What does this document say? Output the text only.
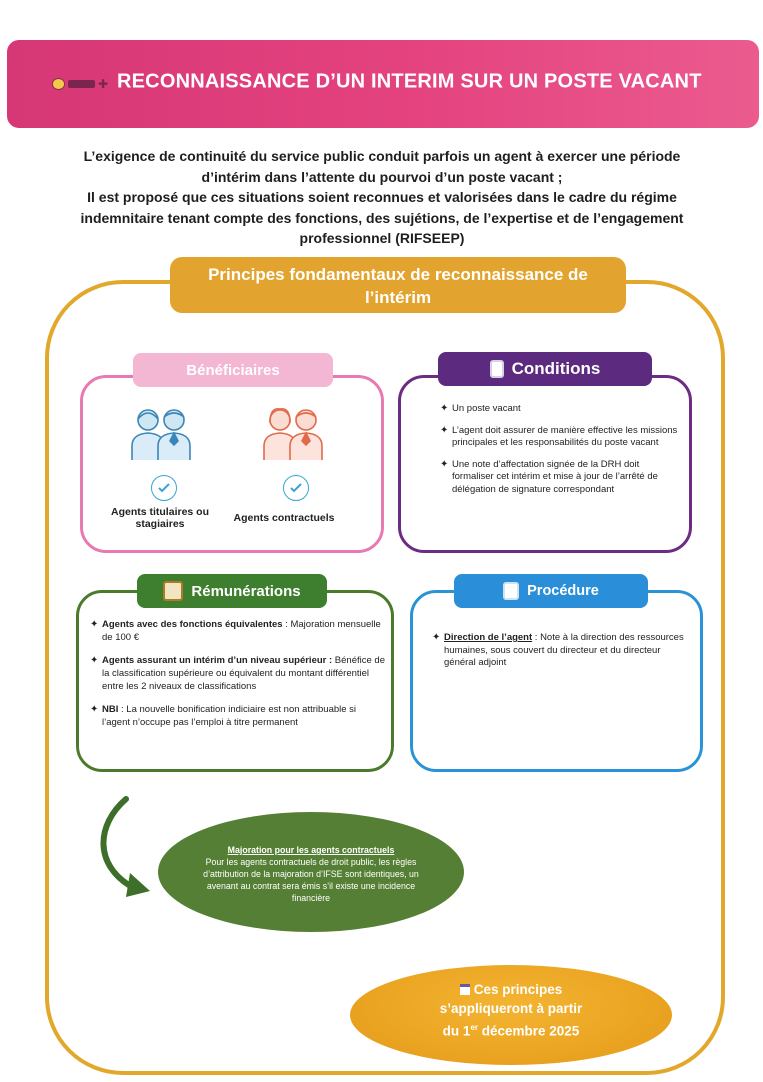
✚ RECONNAISSANCE D’UN INTERIM SUR UN POSTE VACANT
L’exigence de continuité du service public conduit parfois un agent à exercer une période
d’intérim dans l’attente du pourvoi d’un poste vacant ;
Il est proposé que ces situations soient reconnues et valorisées dans le cadre du régime
indemnitaire tenant compte des fonctions, des sujétions, de l’expertise et de l’engagement
professionnel (RIFSEEP)
Principes fondamentaux de reconnaissance de
l’intérim
Bénéficiaires
Agents titulaires ou stagiaires	Agents contractuels
Conditions
✦ Un poste vacant
✦ L’agent doit assurer de manière effective les missions principales et les responsabilités du poste vacant
✦ Une note d’affectation signée de la DRH doit formaliser cet intérim et mise à jour de l’arrêté de délégation de signature correspondant
Rémunérations
✦ Agents avec des fonctions équivalentes : Majoration mensuelle de 100 €
✦ Agents assurant un intérim d’un niveau supérieur : Bénéfice de la classification supérieure ou équivalent du montant différentiel entre les 2 niveaux de classifications
✦ NBI : La nouvelle bonification indiciaire est non attribuable si l’agent n’occupe pas l’emploi à titre permanent
Procédure
✦ Direction de l’agent : Note à la direction des ressources humaines, sous couvert du directeur et du directeur général adjoint
Majoration pour les agents contractuels
Pour les agents contractuels de droit public, les règles d’attribution de la majoration d’IFSE sont identiques, un avenant au contrat sera émis s’il existe une incidence financière
Ces principes
s’appliqueront à partir
du 1er décembre 2025
